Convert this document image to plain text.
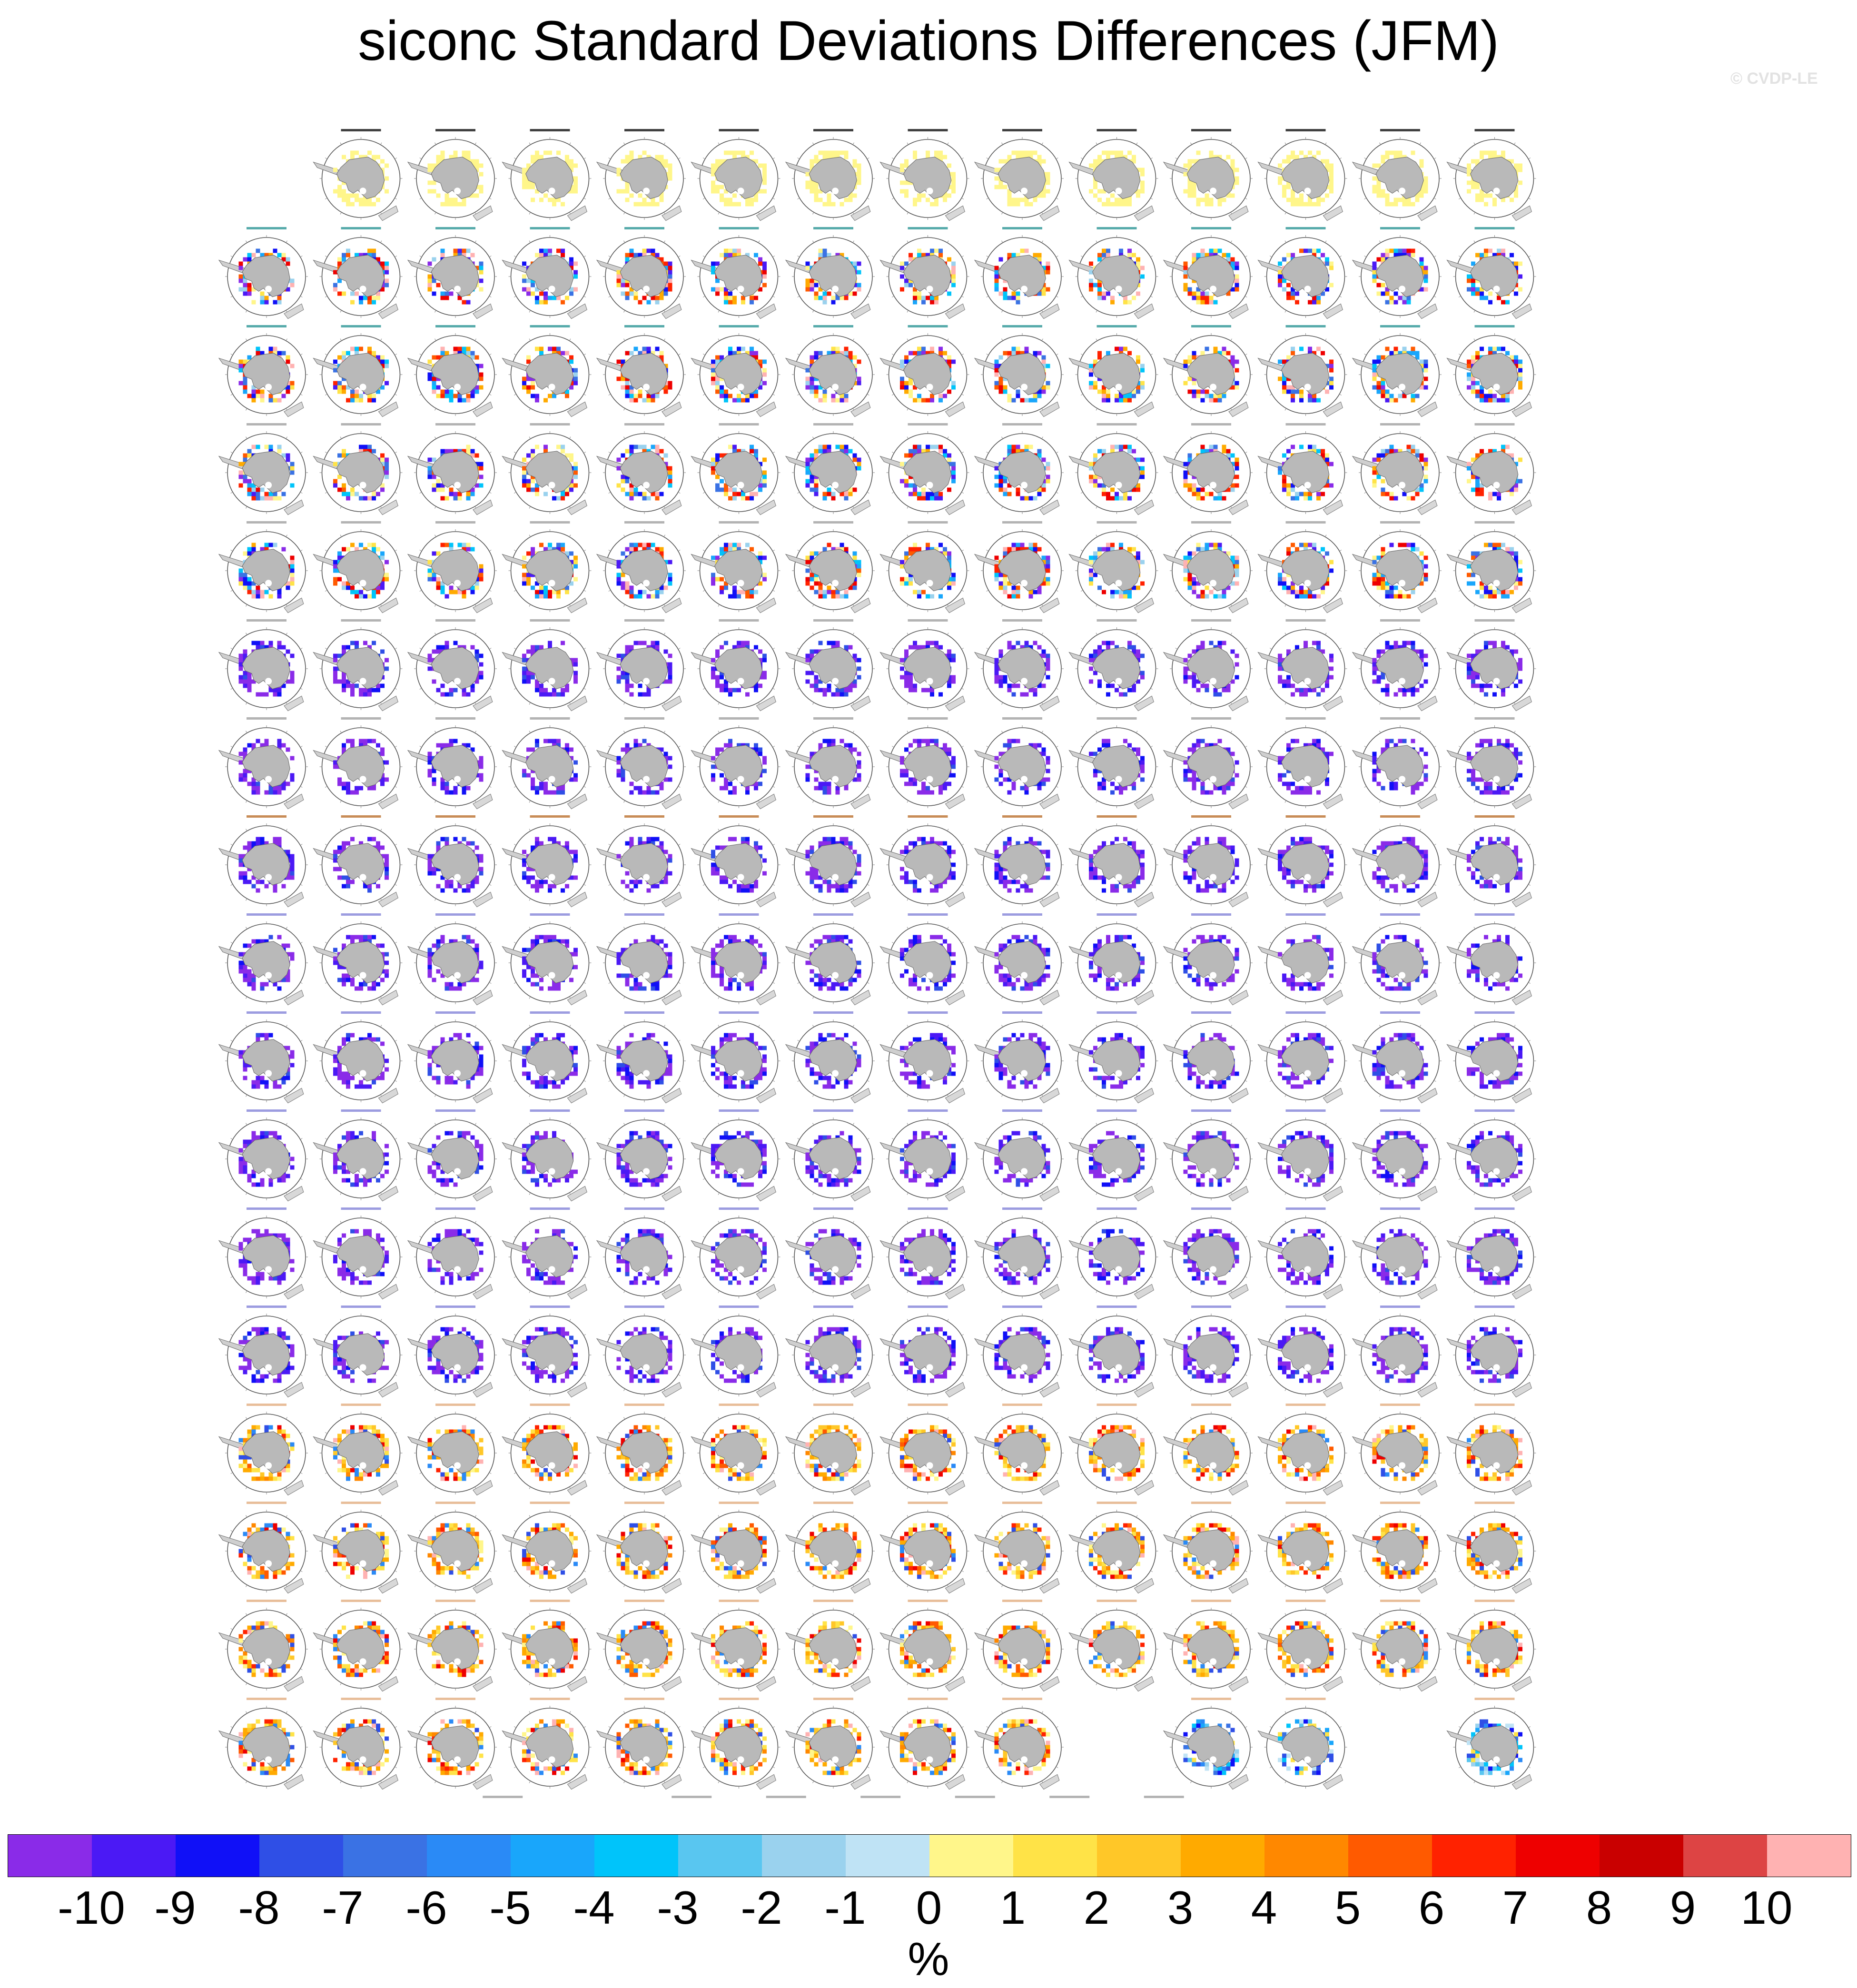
siconc Standard Deviations Differences (JFM)
© CVDP-LE
-10 -9 -8 -7 -6 -5 -4 -3 -2 -1 0 1 2 3 4 5 6 7 8 9 10
%
